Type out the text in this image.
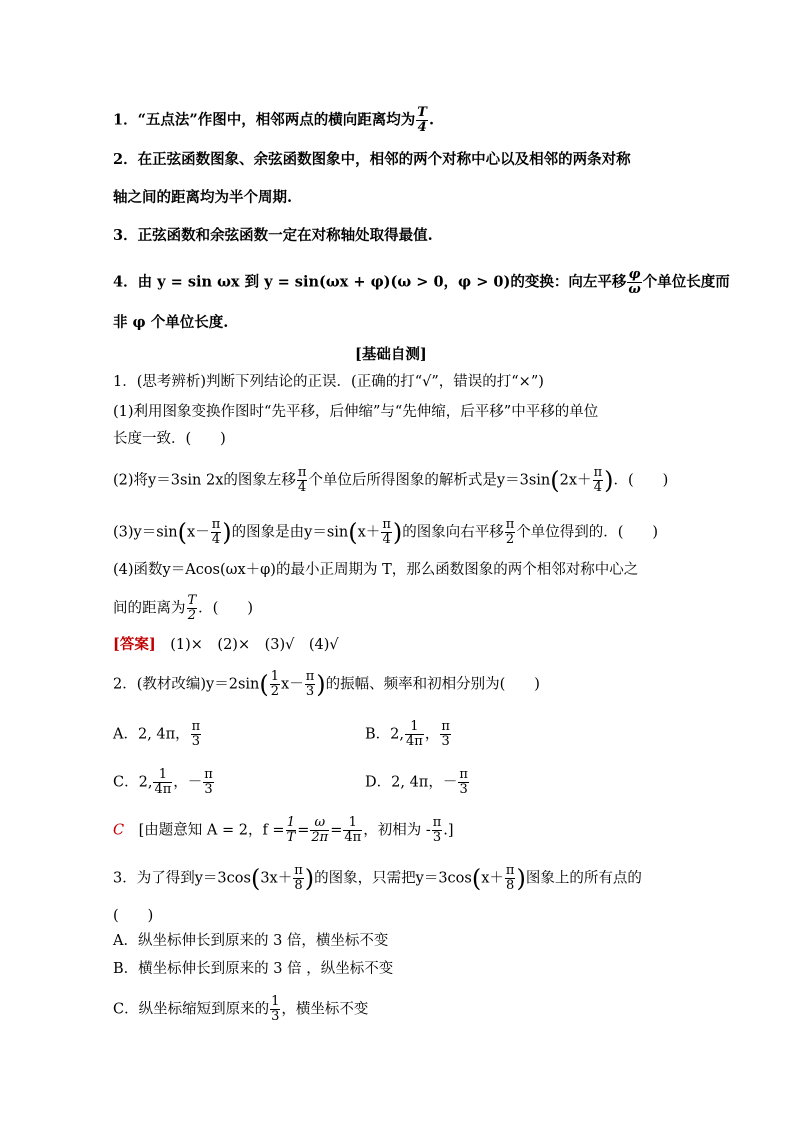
1．“五点法”作图中，相邻两点的横向距离均为 $\frac{T}{4}$ .
2．在正弦函数图象、余弦函数图象中，相邻的两个对称中心以及相邻的两条对称
轴之间的距离均为半个周期.
3．正弦函数和余弦函数一定在对称轴处取得最值.
4．由 y = sin ωx 到 y = sin(ωx + φ)(ω > 0，φ > 0)的变换：向左平移 $\frac{\varphi}{\omega}$ 个单位长度而
非 φ 个单位长度.
[基础自测]
1．(思考辨析)判断下列结论的正误．(正确的打“√”，错误的打“×”)
(1)利用图象变换作图时“先平移，后伸缩”与“先伸缩，后平移”中平移的单位
长度一致．(　　)
(2)将y＝3sin 2x的图象左移 $\frac{\pi}{4}$ 个单位后所得图象的解析式是$y=3\sin(2x+ \frac{\pi}{4}$ )．(　　)
$(3)y=\sin(x- \frac{\pi}{4}$ )的图象是由$y=\sin(x+ \frac{\pi}{4}$ )的图象向右平移 $\frac{\pi}{2}$ 个单位得到的．(　　)
(4)函数y＝Acos(ωx＋φ)的最小正周期为 T，那么函数图象的两个相邻对称中心之
间的距离为 $\frac{T}{2}$ ．(　　)
[答案]　 (1)×　(2)×　(3)√　(4)√
2．(教材改编)$y=2\sin( \frac{1}{2} x- \frac{\pi}{3}$ )的振幅、频率和初相分别为(　　)
A．2, 4π， $\frac{\pi}{3}$	B．2, $\frac{1}{4\pi}$ ， $\frac{\pi}{3}$
C．2, $\frac{1}{4\pi}$ ，－ $\frac{\pi}{3}$	D．2, 4π，－ $\frac{\pi}{3}$
C　 [由题意知 A = 2，$f = \frac{1}{T} = \frac{\omega}{2\pi} = \frac{1}{4\pi}$ ，初相为 - $\frac{\pi}{3}$ .]
3．为了得到$y=3\cos(3x+ \frac{\pi}{8}$ )的图象，只需把$y=3\cos(x+ \frac{\pi}{8}$ )图象上的所有点的
(　　)
A．纵坐标伸长到原来的 3 倍，横坐标不变
B．横坐标伸长到原来的 3 倍 ，纵坐标不变
C．纵坐标缩短到原来的 $\frac{1}{3}$ ，横坐标不变
